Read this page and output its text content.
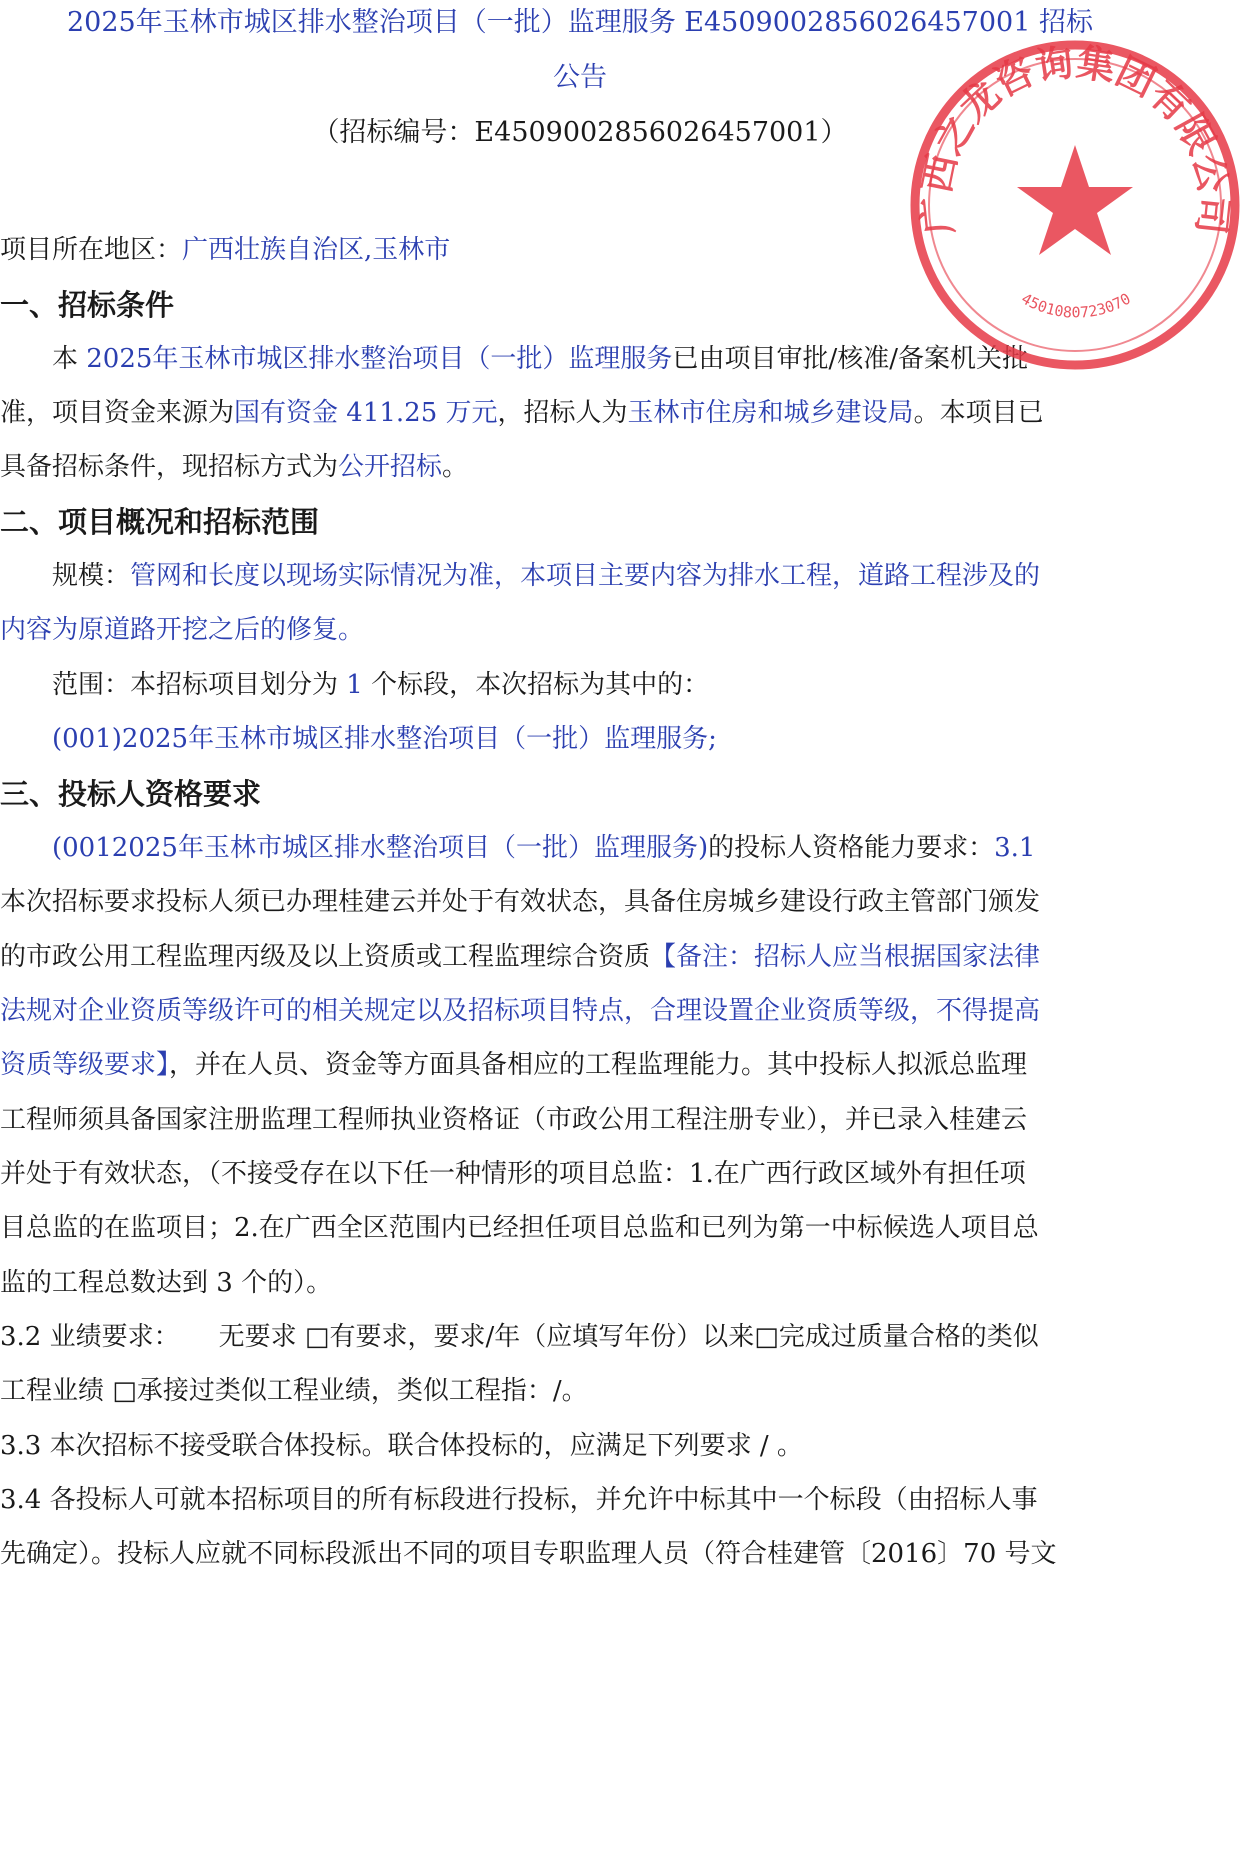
2025年玉林市城区排水整治项目（一批）监理服务 E4509002856026457001 招标
公告
（招标编号：E4509002856026457001）
项目所在地区：广西壮族自治区,玉林市
一、招标条件
本 2025年玉林市城区排水整治项目（一批）监理服务已由项目审批/核准/备案机关批
准，项目资金来源为国有资金 411.25 万元，招标人为玉林市住房和城乡建设局。本项目已
具备招标条件，现招标方式为公开招标。
二、项目概况和招标范围
规模：管网和长度以现场实际情况为准，本项目主要内容为排水工程，道路工程涉及的
内容为原道路开挖之后的修复。
范围：本招标项目划分为 1 个标段，本次招标为其中的：
(001)2025年玉林市城区排水整治项目（一批）监理服务;
三、投标人资格要求
(0012025年玉林市城区排水整治项目（一批）监理服务)的投标人资格能力要求：3.1
本次招标要求投标人须已办理桂建云并处于有效状态，具备住房城乡建设行政主管部门颁发
的市政公用工程监理丙级及以上资质或工程监理综合资质【备注：招标人应当根据国家法律
法规对企业资质等级许可的相关规定以及招标项目特点，合理设置企业资质等级，不得提高
资质等级要求】，并在人员、资金等方面具备相应的工程监理能力。其中投标人拟派总监理
工程师须具备国家注册监理工程师执业资格证（市政公用工程注册专业），并已录入桂建云
并处于有效状态，（不接受存在以下任一种情形的项目总监：1.在广西行政区域外有担任项
目总监的在监项目；2.在广西全区范围内已经担任项目总监和已列为第一中标候选人项目总
监的工程总数达到 3 个的）。
3.2 业绩要求：　　无要求 □有要求，要求/年（应填写年份）以来□完成过质量合格的类似
工程业绩 □承接过类似工程业绩，类似工程指：/。
3.3 本次招标不接受联合体投标。联合体投标的，应满足下列要求 / 。
3.4 各投标人可就本招标项目的所有标段进行投标，并允许中标其中一个标段（由招标人事
先确定）。投标人应就不同标段派出不同的项目专职监理人员（符合桂建管〔2016〕70 号文
广西之龙咨询集团有限公司
4501080723070
